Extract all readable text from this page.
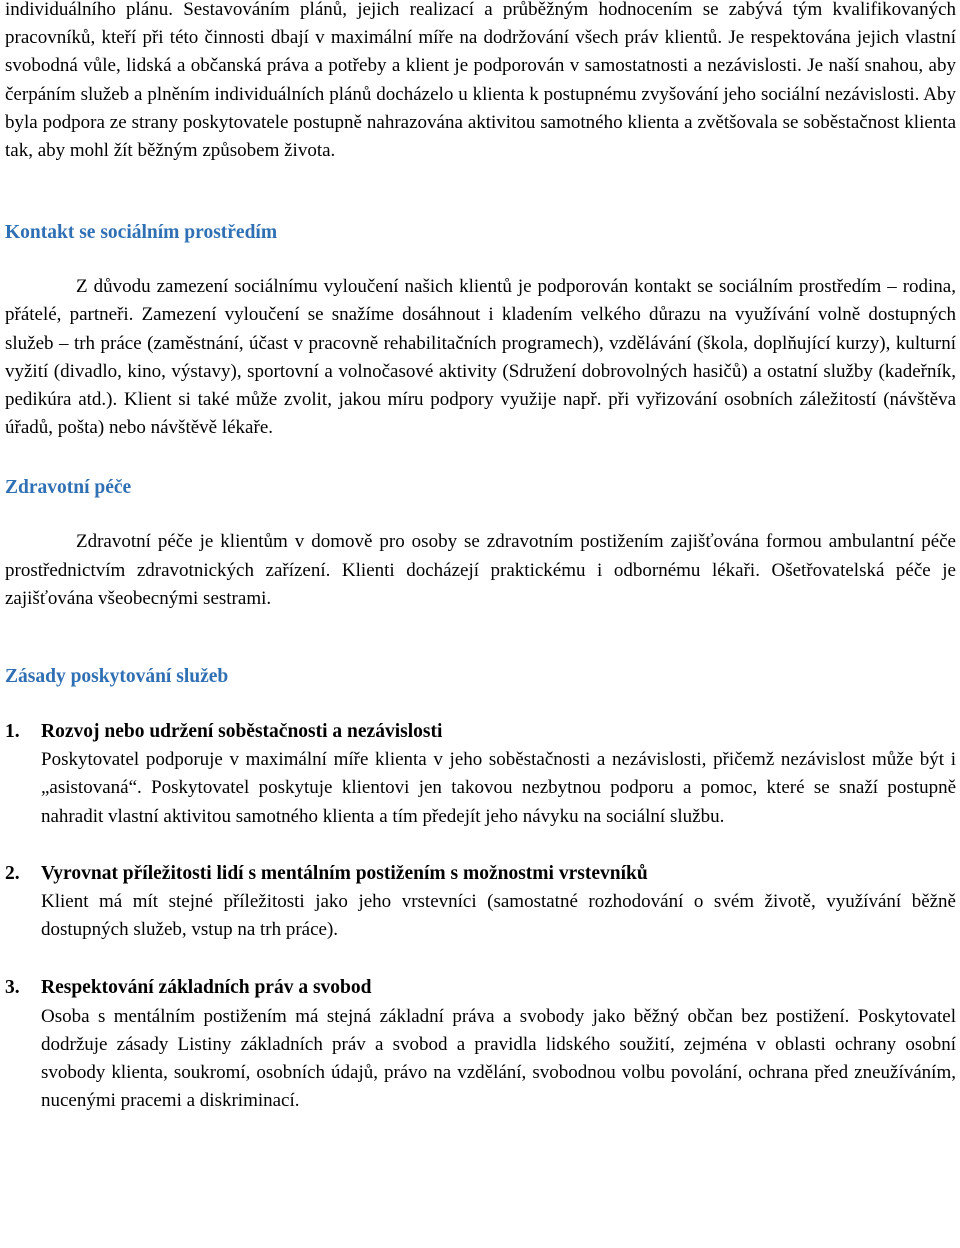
individuálního plánu. Sestavováním plánů, jejich realizací a průběžným hodnocením se zabývá tým kvalifikovaných pracovníků, kteří při této činnosti dbají v maximální míře na dodržování všech práv klientů. Je respektována jejich vlastní svobodná vůle, lidská a občanská práva a potřeby a klient je podporován v samostatnosti a nezávislosti. Je naší snahou, aby čerpáním služeb a plněním individuálních plánů docházelo u klienta k postupnému zvyšování jeho sociální nezávislosti. Aby byla podpora ze strany poskytovatele postupně nahrazována aktivitou samotného klienta a zvětšovala se soběstačnost klienta tak, aby mohl žít běžným způsobem života.

Kontakt se sociálním prostředím

Z důvodu zamezení sociálnímu vyloučení našich klientů je podporován kontakt se sociálním prostředím – rodina, přátelé, partneři. Zamezení vyloučení se snažíme dosáhnout i kladením velkého důrazu na využívání volně dostupných služeb – trh práce (zaměstnání, účast v pracovně rehabilitačních programech), vzdělávání (škola, doplňující kurzy), kulturní vyžití (divadlo, kino, výstavy), sportovní a volnočasové aktivity (Sdružení dobrovolných hasičů) a ostatní služby (kadeřník, pedikúra atd.). Klient si také může zvolit, jakou míru podpory využije např. při vyřizování osobních záležitostí (návštěva úřadů, pošta) nebo návštěvě lékaře.

Zdravotní péče

Zdravotní péče je klientům v domově pro osoby se zdravotním postižením zajišťována formou ambulantní péče prostřednictvím zdravotnických zařízení. Klienti docházejí praktickému i odbornému lékaři. Ošetřovatelská péče je zajišťována všeobecnými sestrami.

Zásady poskytování služeb
1.	Rozvoj nebo udržení soběstačnosti a nezávislosti

Poskytovatel podporuje v maximální míře klienta v jeho soběstačnosti a nezávislosti, přičemž nezávislost může být i „asistovaná“. Poskytovatel poskytuje klientovi jen takovou nezbytnou podporu a pomoc, které se snaží postupně nahradit vlastní aktivitou samotného klienta a tím předejít jeho návyku na sociální službu.

2.	Vyrovnat příležitosti lidí s mentálním postižením s možnostmi vrstevníků

Klient má mít stejné příležitosti jako jeho vrstevníci (samostatné rozhodování o svém životě, využívání běžně dostupných služeb, vstup na trh práce).

3.	Respektování základních práv a svobod

Osoba s mentálním postižením má stejná základní práva a svobody jako běžný občan bez postižení. Poskytovatel dodržuje zásady Listiny základních práv a svobod a pravidla lidského soužití, zejména v oblasti ochrany osobní svobody klienta, soukromí, osobních údajů, právo na vzdělání, svobodnou volbu povolání, ochrana před zneužíváním, nucenými pracemi a diskriminací.
